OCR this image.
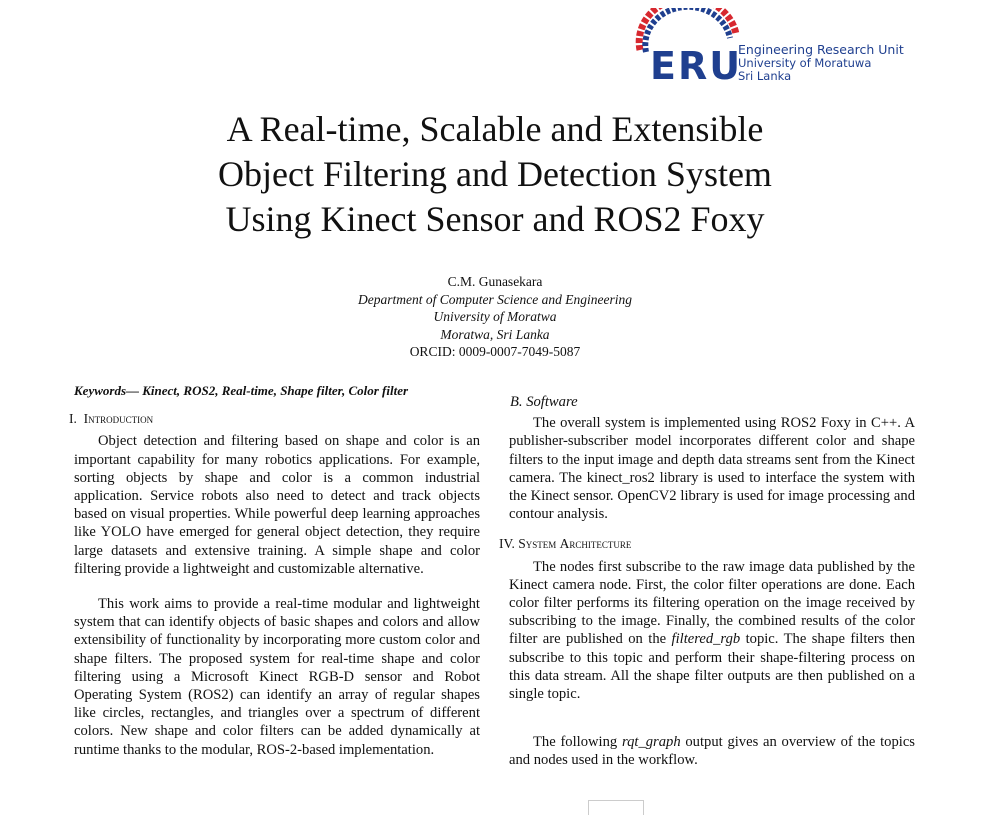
ERU
Engineering Research Unit
University of Moratuwa
Sri Lanka
A Real-time, Scalable and Extensible
Object Filtering and Detection System
Using Kinect Sensor and ROS2 Foxy
C.M. Gunasekara
Department of Computer Science and Engineering
University of Moratwa
Moratwa, Sri Lanka
ORCID: 0009-0007-7049-5087

Keywords— Kinect, ROS2, Real-time, Shape filter, Color filter

I. Introduction

Object detection and filtering based on shape and color is an important capability for many robotics applications. For example, sorting objects by shape and color is a common industrial application. Service robots also need to detect and track objects based on visual properties. While powerful deep learning approaches like YOLO have emerged for general object detection, they require large datasets and extensive training. A simple shape and color filtering provide a lightweight and customizable alternative.

This work aims to provide a real-time modular and lightweight system that can identify objects of basic shapes and colors and allow extensibility of functionality by incorporating more custom color and shape filters. The proposed system for real-time shape and color filtering using a Microsoft Kinect RGB-D sensor and Robot Operating System (ROS2) can identify an array of regular shapes like circles, rectangles, and triangles over a spectrum of different colors. New shape and color filters can be added dynamically at runtime thanks to the modular, ROS-2-based implementation.

B. Software

The overall system is implemented using ROS2 Foxy in C++. A publisher-subscriber model incorporates different color and shape filters to the input image and depth data streams sent from the Kinect camera. The kinect_ros2 library is used to interface the system with the Kinect sensor. OpenCV2 library is used for image processing and contour analysis.

IV. System Architecture

The nodes first subscribe to the raw image data published by the Kinect camera node. First, the color filter operations are done. Each color filter performs its filtering operation on the image received by subscribing to the image. Finally, the combined results of the color filter are published on the filtered_rgb topic. The shape filters then subscribe to this topic and perform their shape-filtering process on this data stream. All the shape filter outputs are then published on a single topic.

The following rqt_graph output gives an overview of the topics and nodes used in the workflow.
